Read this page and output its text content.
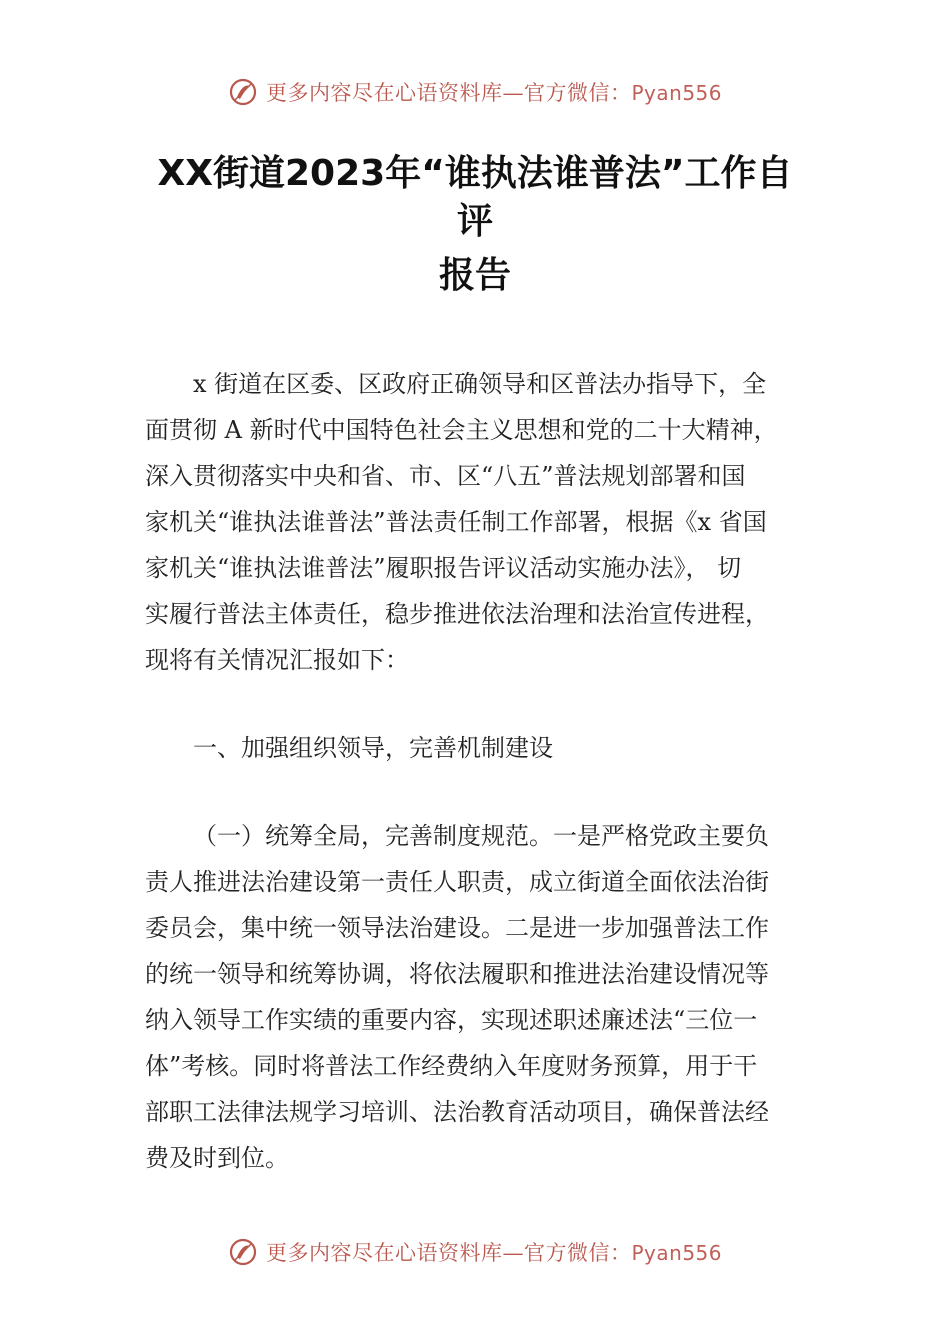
更多内容尽在心语资料库—官方微信：Pyan556
XX街道2023年“谁执法谁普法”工作自
评
报告
x 街道在区委、区政府正确领导和区普法办指导下，全
面贯彻 A 新时代中国特色社会主义思想和党的二十大精神，
深入贯彻落实中央和省、市、区“八五”普法规划部署和国
家机关“谁执法谁普法”普法责任制工作部署，根据《x 省国
家机关“谁执法谁普法”履职报告评议活动实施办法》， 切
实履行普法主体责任，稳步推进依法治理和法治宣传进程，
现将有关情况汇报如下：
一、加强组织领导，完善机制建设
（一）统筹全局，完善制度规范。一是严格党政主要负
责人推进法治建设第一责任人职责，成立街道全面依法治街
委员会，集中统一领导法治建设。二是进一步加强普法工作
的统一领导和统筹协调，将依法履职和推进法治建设情况等
纳入领导工作实绩的重要内容，实现述职述廉述法“三位一
体”考核。同时将普法工作经费纳入年度财务预算，用于干
部职工法律法规学习培训、法治教育活动项目，确保普法经
费及时到位。
更多内容尽在心语资料库—官方微信：Pyan556
